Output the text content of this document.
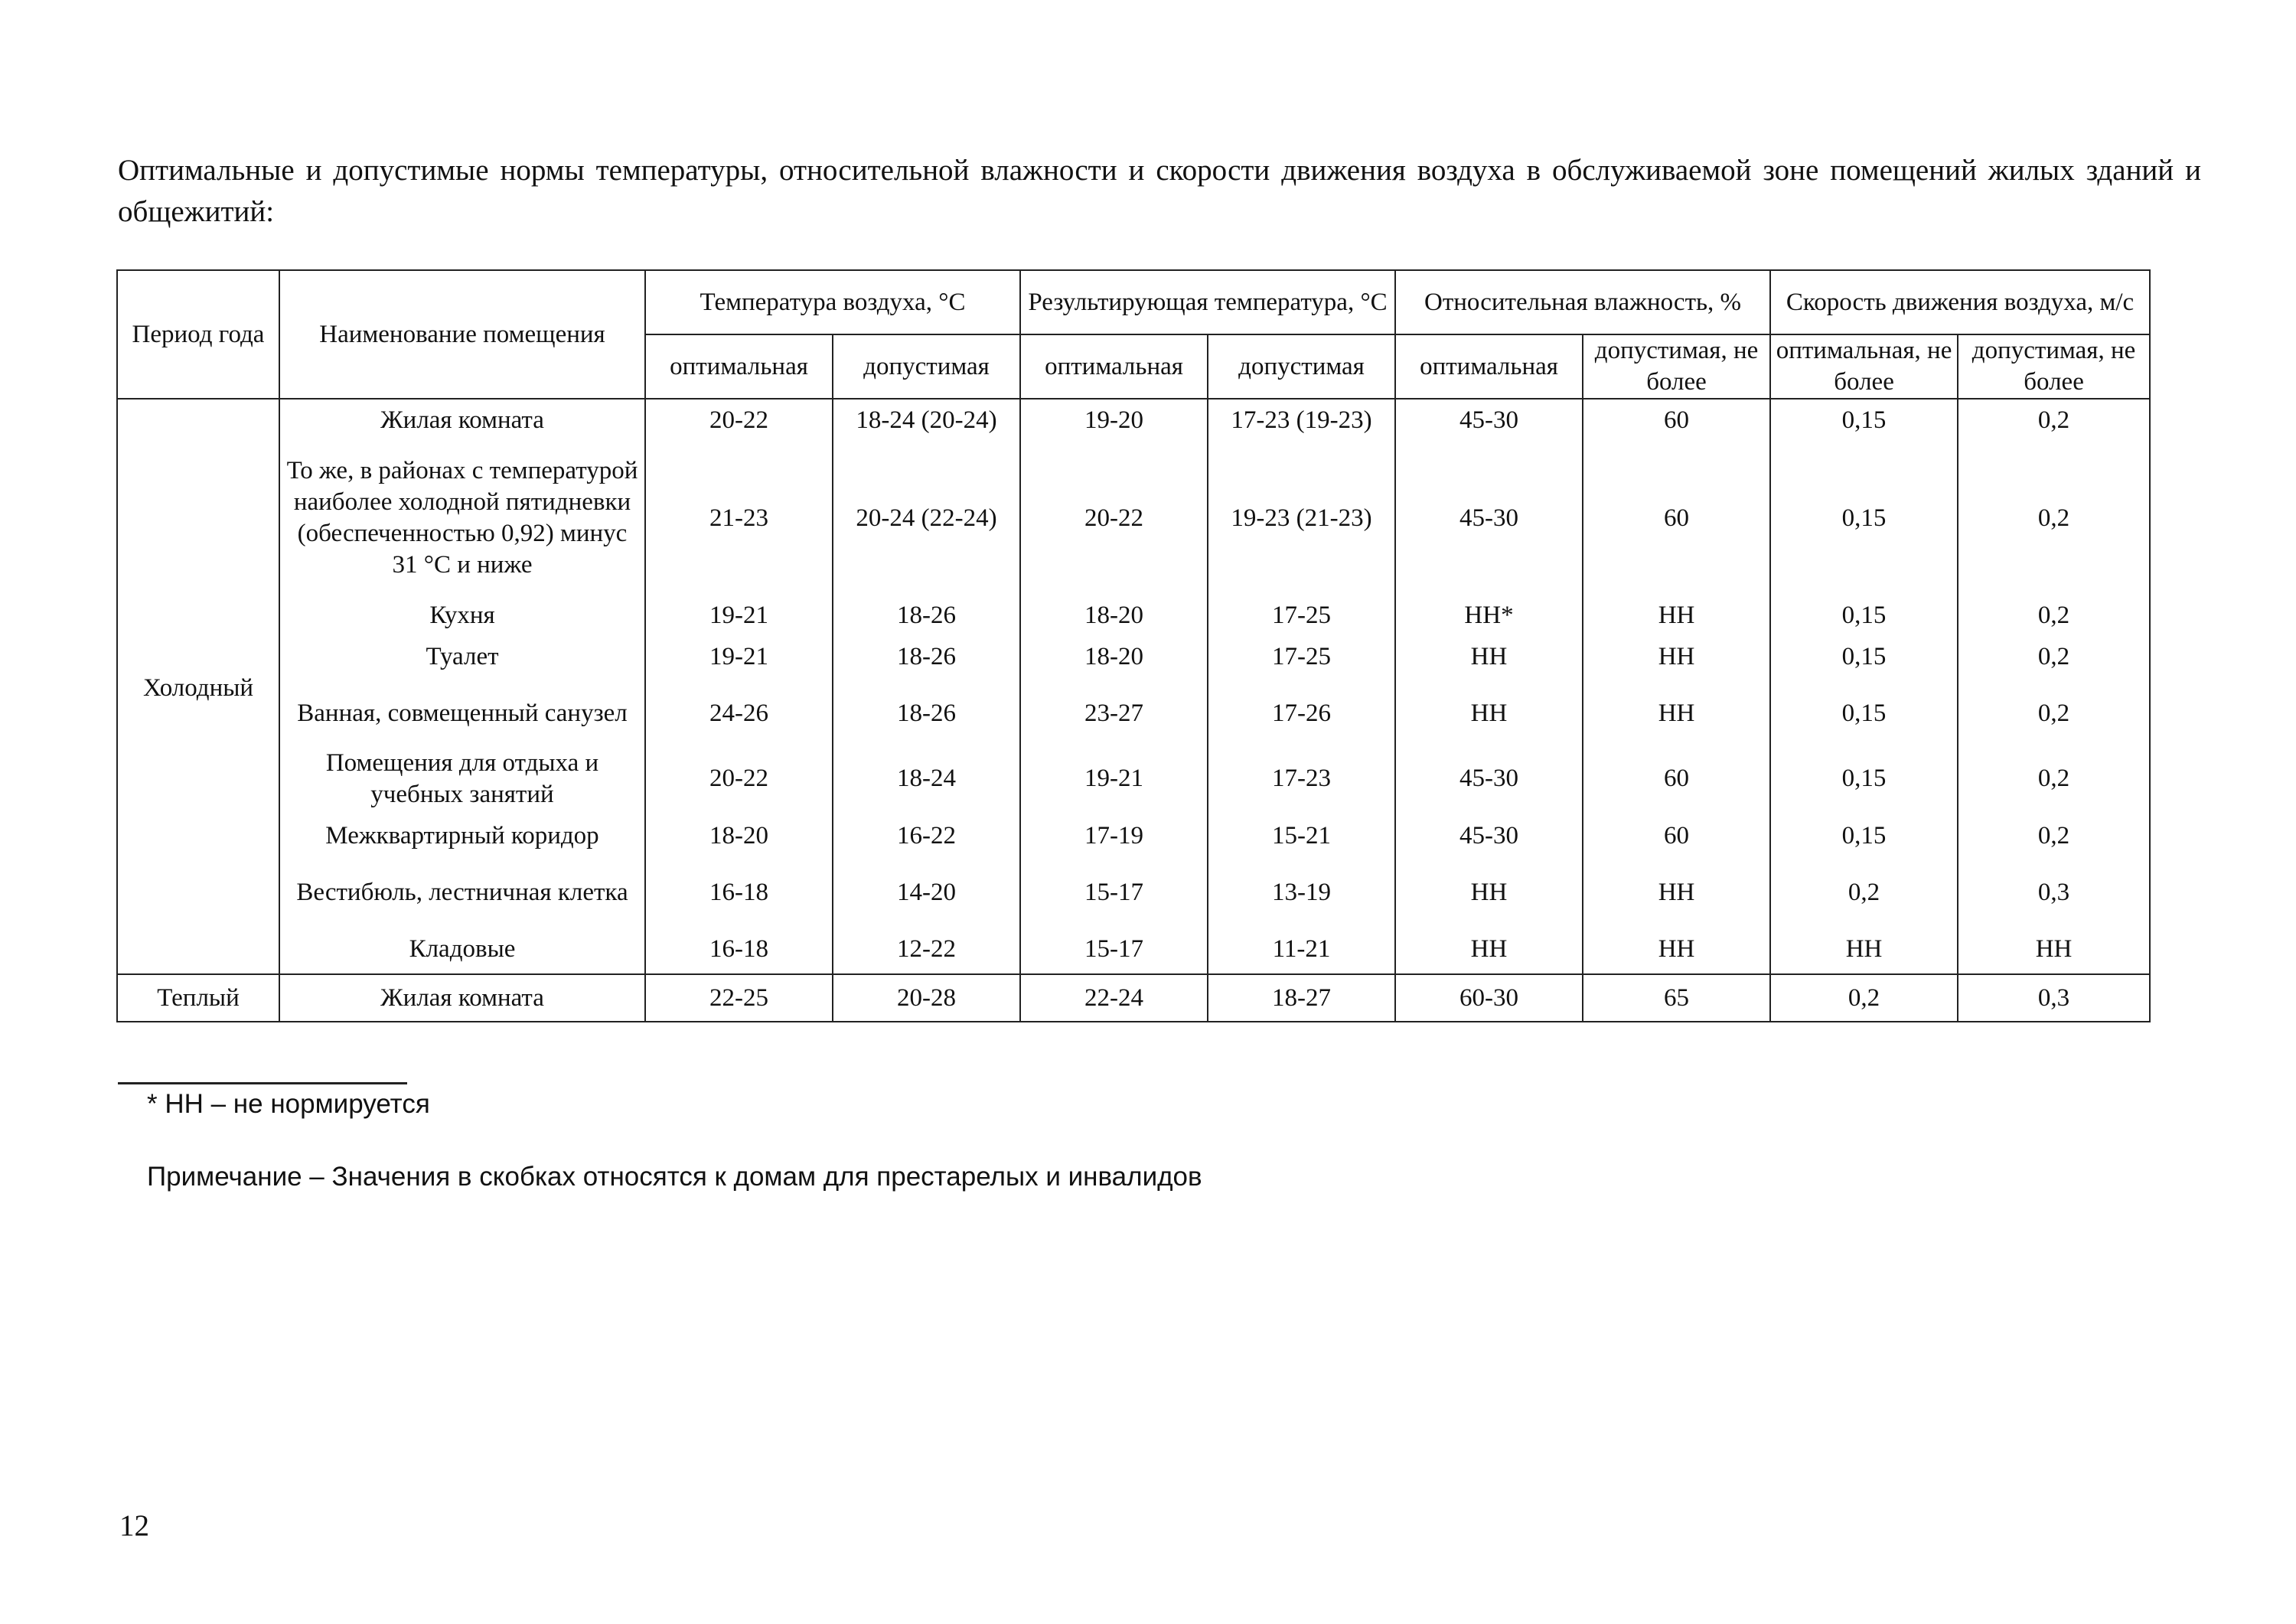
Оптимальные и допустимые нормы температуры, относительной влажности и скорости движения воздуха в обслуживаемой зоне помещений жилых зданий и общежитий:

Период года	Наименование помещения	Температура воздуха, °С		Результирующая температура, °С		Относительная влажность, %		Скорость движения воздуха, м/с	
		оптимальная	допустимая	оптимальная	допустимая	оптимальная	допустимая, не более	оптимальная, не более	допустимая, не более
Холодный	Жилая комната	20-22	18-24 (20-24)	19-20	17-23 (19-23)	45-30	60	0,15	0,2
	То же, в районах с температурой наиболее холодной пятидневки (обеспеченностью 0,92) минус 31 °С и ниже	21-23	20-24 (22-24)	20-22	19-23 (21-23)	45-30	60	0,15	0,2
	Кухня	19-21	18-26	18-20	17-25	НН*	НН	0,15	0,2
	Туалет	19-21	18-26	18-20	17-25	НН	НН	0,15	0,2
	Ванная, совмещенный санузел	24-26	18-26	23-27	17-26	НН	НН	0,15	0,2
	Помещения для отдыха и учебных занятий	20-22	18-24	19-21	17-23	45-30	60	0,15	0,2
	Межквартирный коридор	18-20	16-22	17-19	15-21	45-30	60	0,15	0,2
	Вестибюль, лестничная клетка	16-18	14-20	15-17	13-19	НН	НН	0,2	0,3
	Кладовые	16-18	12-22	15-17	11-21	НН	НН	НН	НН
Теплый	Жилая комната	22-25	20-28	22-24	18-27	60-30	65	0,2	0,3
* НН – не нормируется
Примечание – Значения в скобках относятся к домам для престарелых и инвалидов
12
